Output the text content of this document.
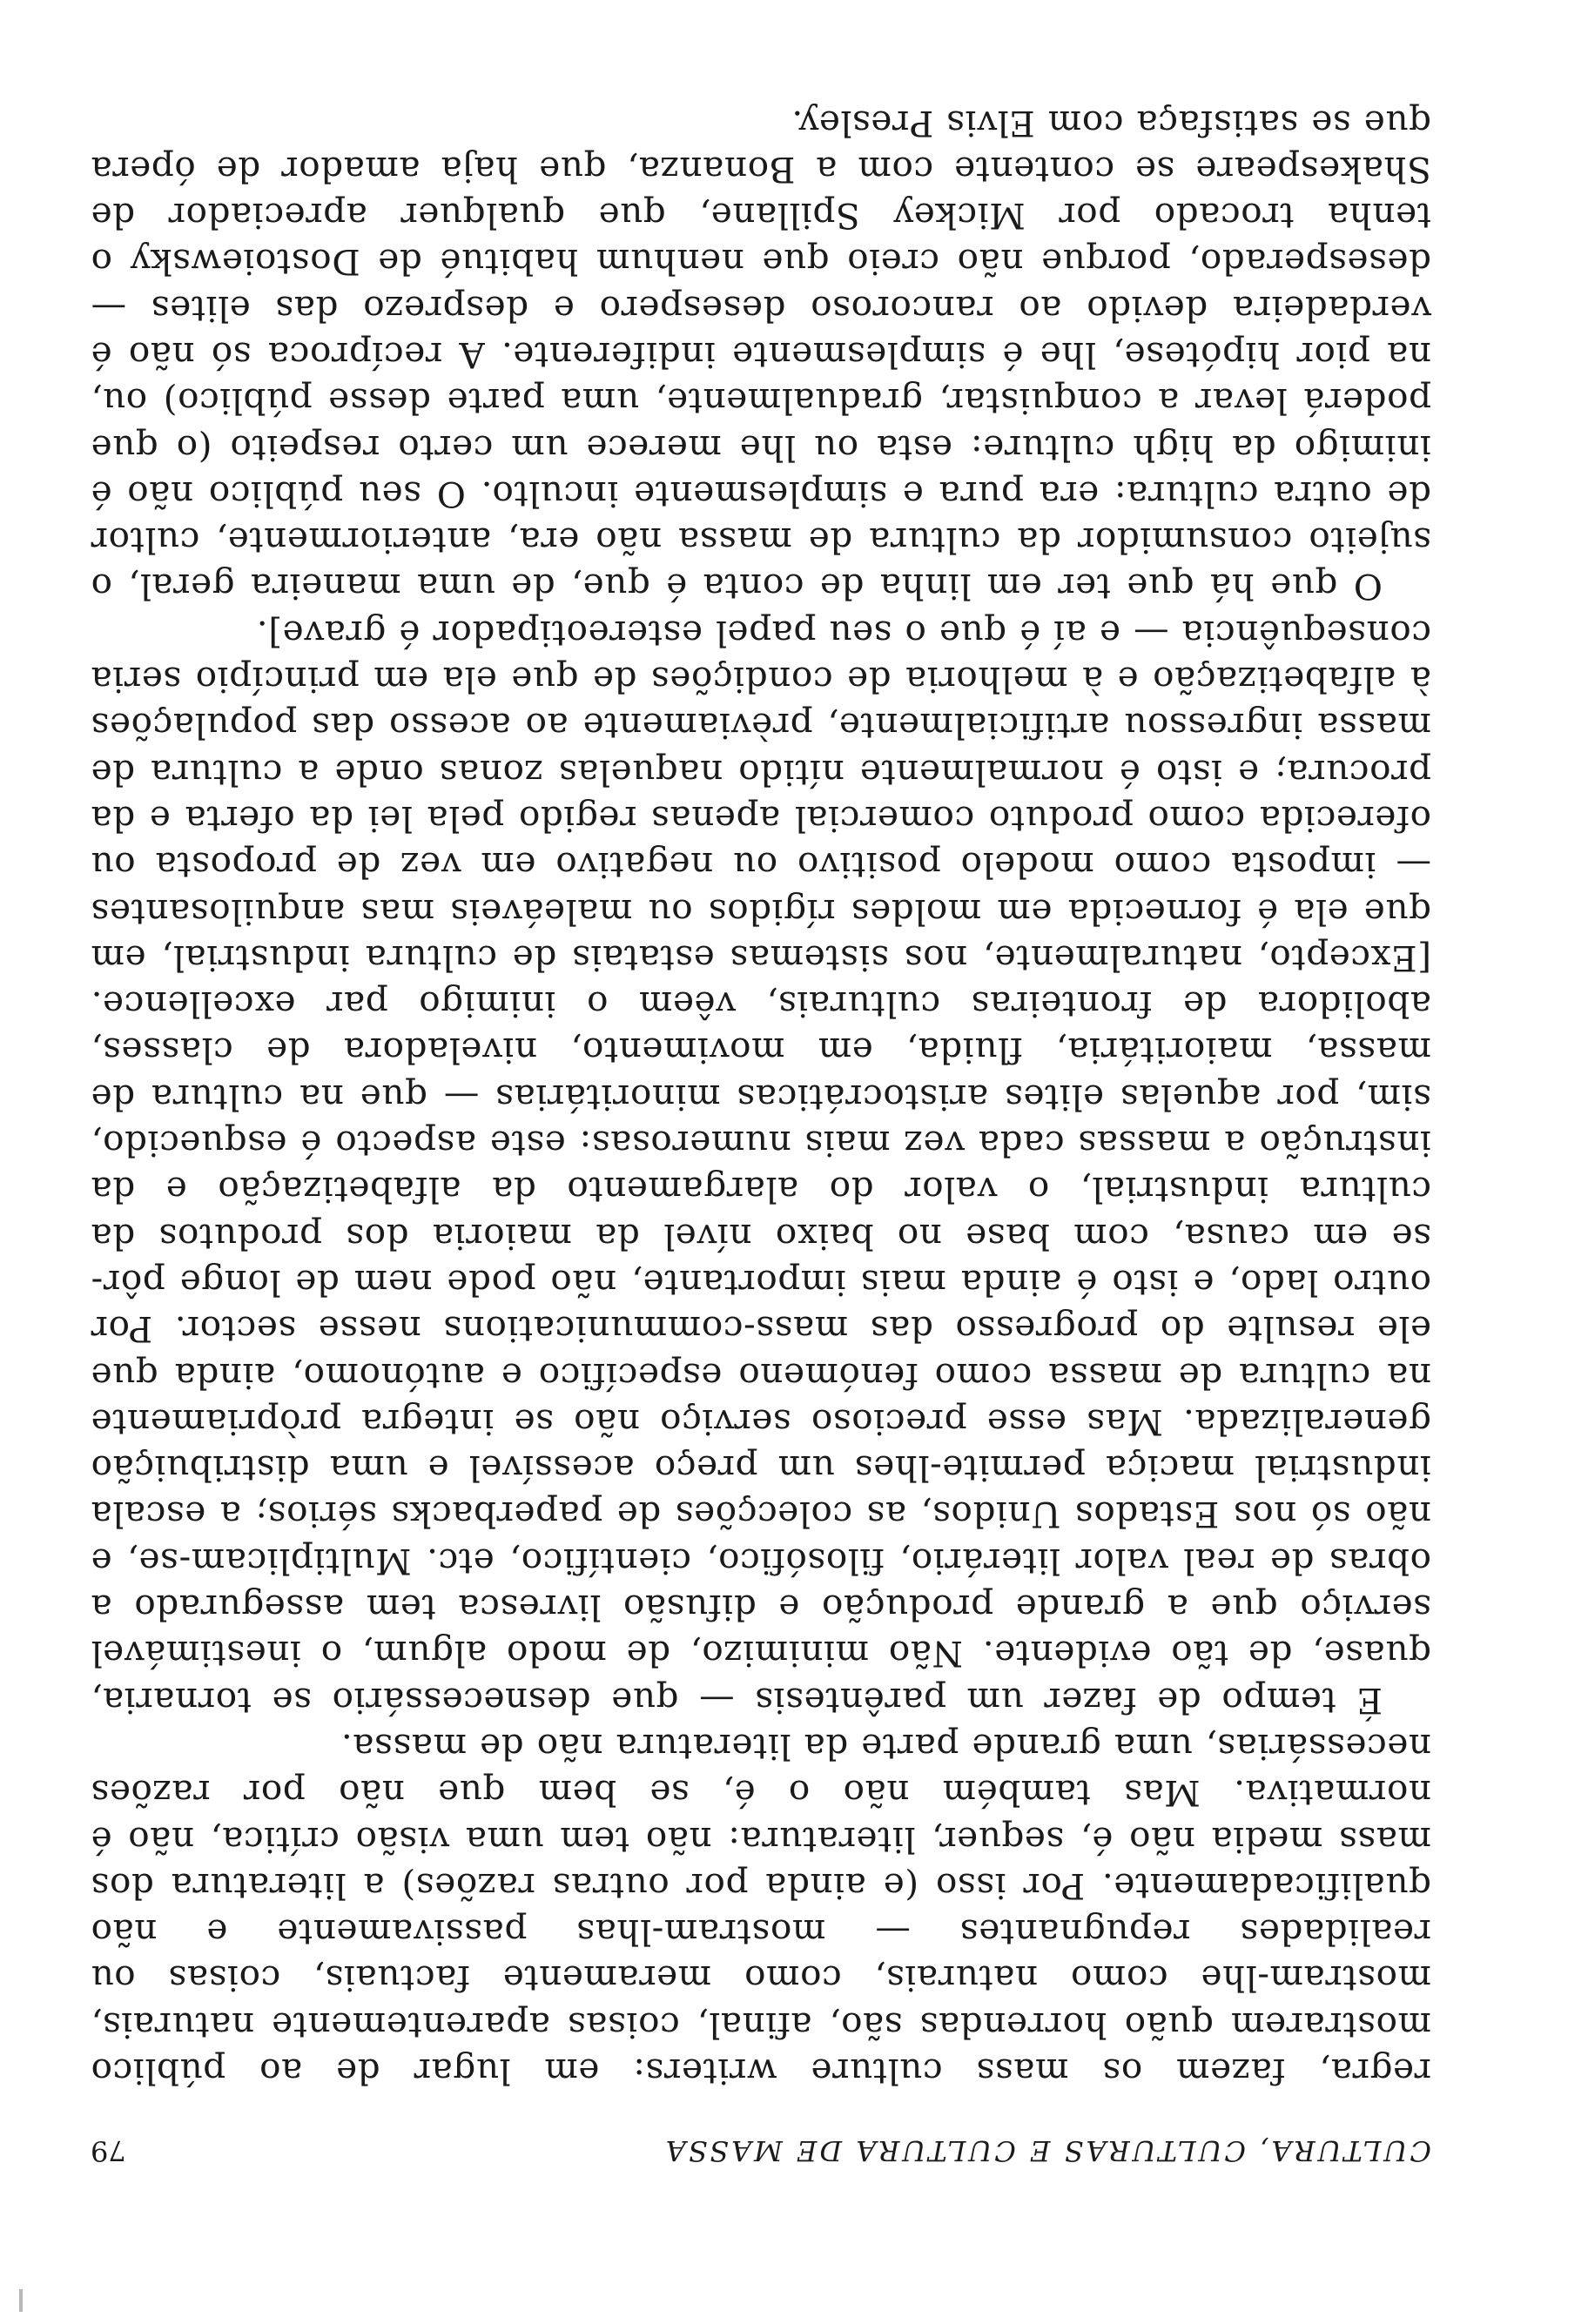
CULTURA, CULTURAS E CULTURA DE MASSA
79

regra, fazem os mass culture writers: em lugar de ao público mostrarem quão horrendas são, afinal, coisas aparentemente naturais, mostram-lhe como naturais, como meramente factuais, coisas ou realidades repugnantes — mostram-lhas passivamente e não qualificadamente. Por isso (e ainda por outras razões) a literatura dos mass media não é, sequer, literatura: não tem uma visão crítica, não é normativa. Mas também não o é, se bem que não por razões necessárias, uma grande parte da literatura não de massa.

É tempo de fazer um parêntesis — que desnecessário se tornaria, quase, de tão evidente. Não minimizo, de modo algum, o inestimável serviço que a grande produção e difusão livresca tem assegurado a obras de real valor literário, filosófico, científico, etc. Multiplicam-se, e não só nos Estados Unidos, as colecções de paperbacks sérios; a escala industrial maciça permite-lhes um preço acessível e uma distribuição generalizada. Mas esse precioso serviço não se integra pròpriamente na cultura de massa como fenómeno específico e autónomo, ainda que ele resulte do progresso das mass-communications nesse sector. Por outro lado, e isto é ainda mais importante, não pode nem de longe pôr-se em causa, com base no baixo nível da maioria dos produtos da cultura industrial, o valor do alargamento da alfabetização e da instrução a massas cada vez mais numerosas: este aspecto é esquecido, sim, por aquelas elites aristocráticas minoritárias — que na cultura de massa, maioritária, fluida, em movimento, niveladora de classes, abolidora de fronteiras culturais, vêem o inimigo par excellence. [Excepto, naturalmente, nos sistemas estatais de cultura industrial, em que ela é fornecida em moldes rígidos ou maleáveis mas anquilosantes — imposta como modelo positivo ou negativo em vez de proposta ou oferecida como produto comercial apenas regido pela lei da oferta e da procura; e isto é normalmente nítido naquelas zonas onde a cultura de massa ingressou artificialmente, prèviamente ao acesso das populações à alfabetização e à melhoria de condições de que ela em princípio seria consequência — e aí é que o seu papel estereotipador é grave].

O que há que ter em linha de conta é que, de uma maneira geral, o sujeito consumidor da cultura de massa não era, anteriormente, cultor de outra cultura: era pura e simplesmente inculto. O seu público não é inimigo da high culture: esta ou lhe merece um certo respeito (o que poderá levar a conquistar, gradualmente, uma parte desse público) ou, na pior hipótese, lhe é simplesmente indiferente. A recíproca só não é verdadeira devido ao rancoroso desespero e desprezo das elites — desesperado, porque não creio que nenhum habitué de Dostoiewsky o tenha trocado por Mickey Spillane, que qualquer apreciador de Shakespeare se contente com a Bonanza, que haja amador de ópera que se satisfaça com Elvis Presley.
